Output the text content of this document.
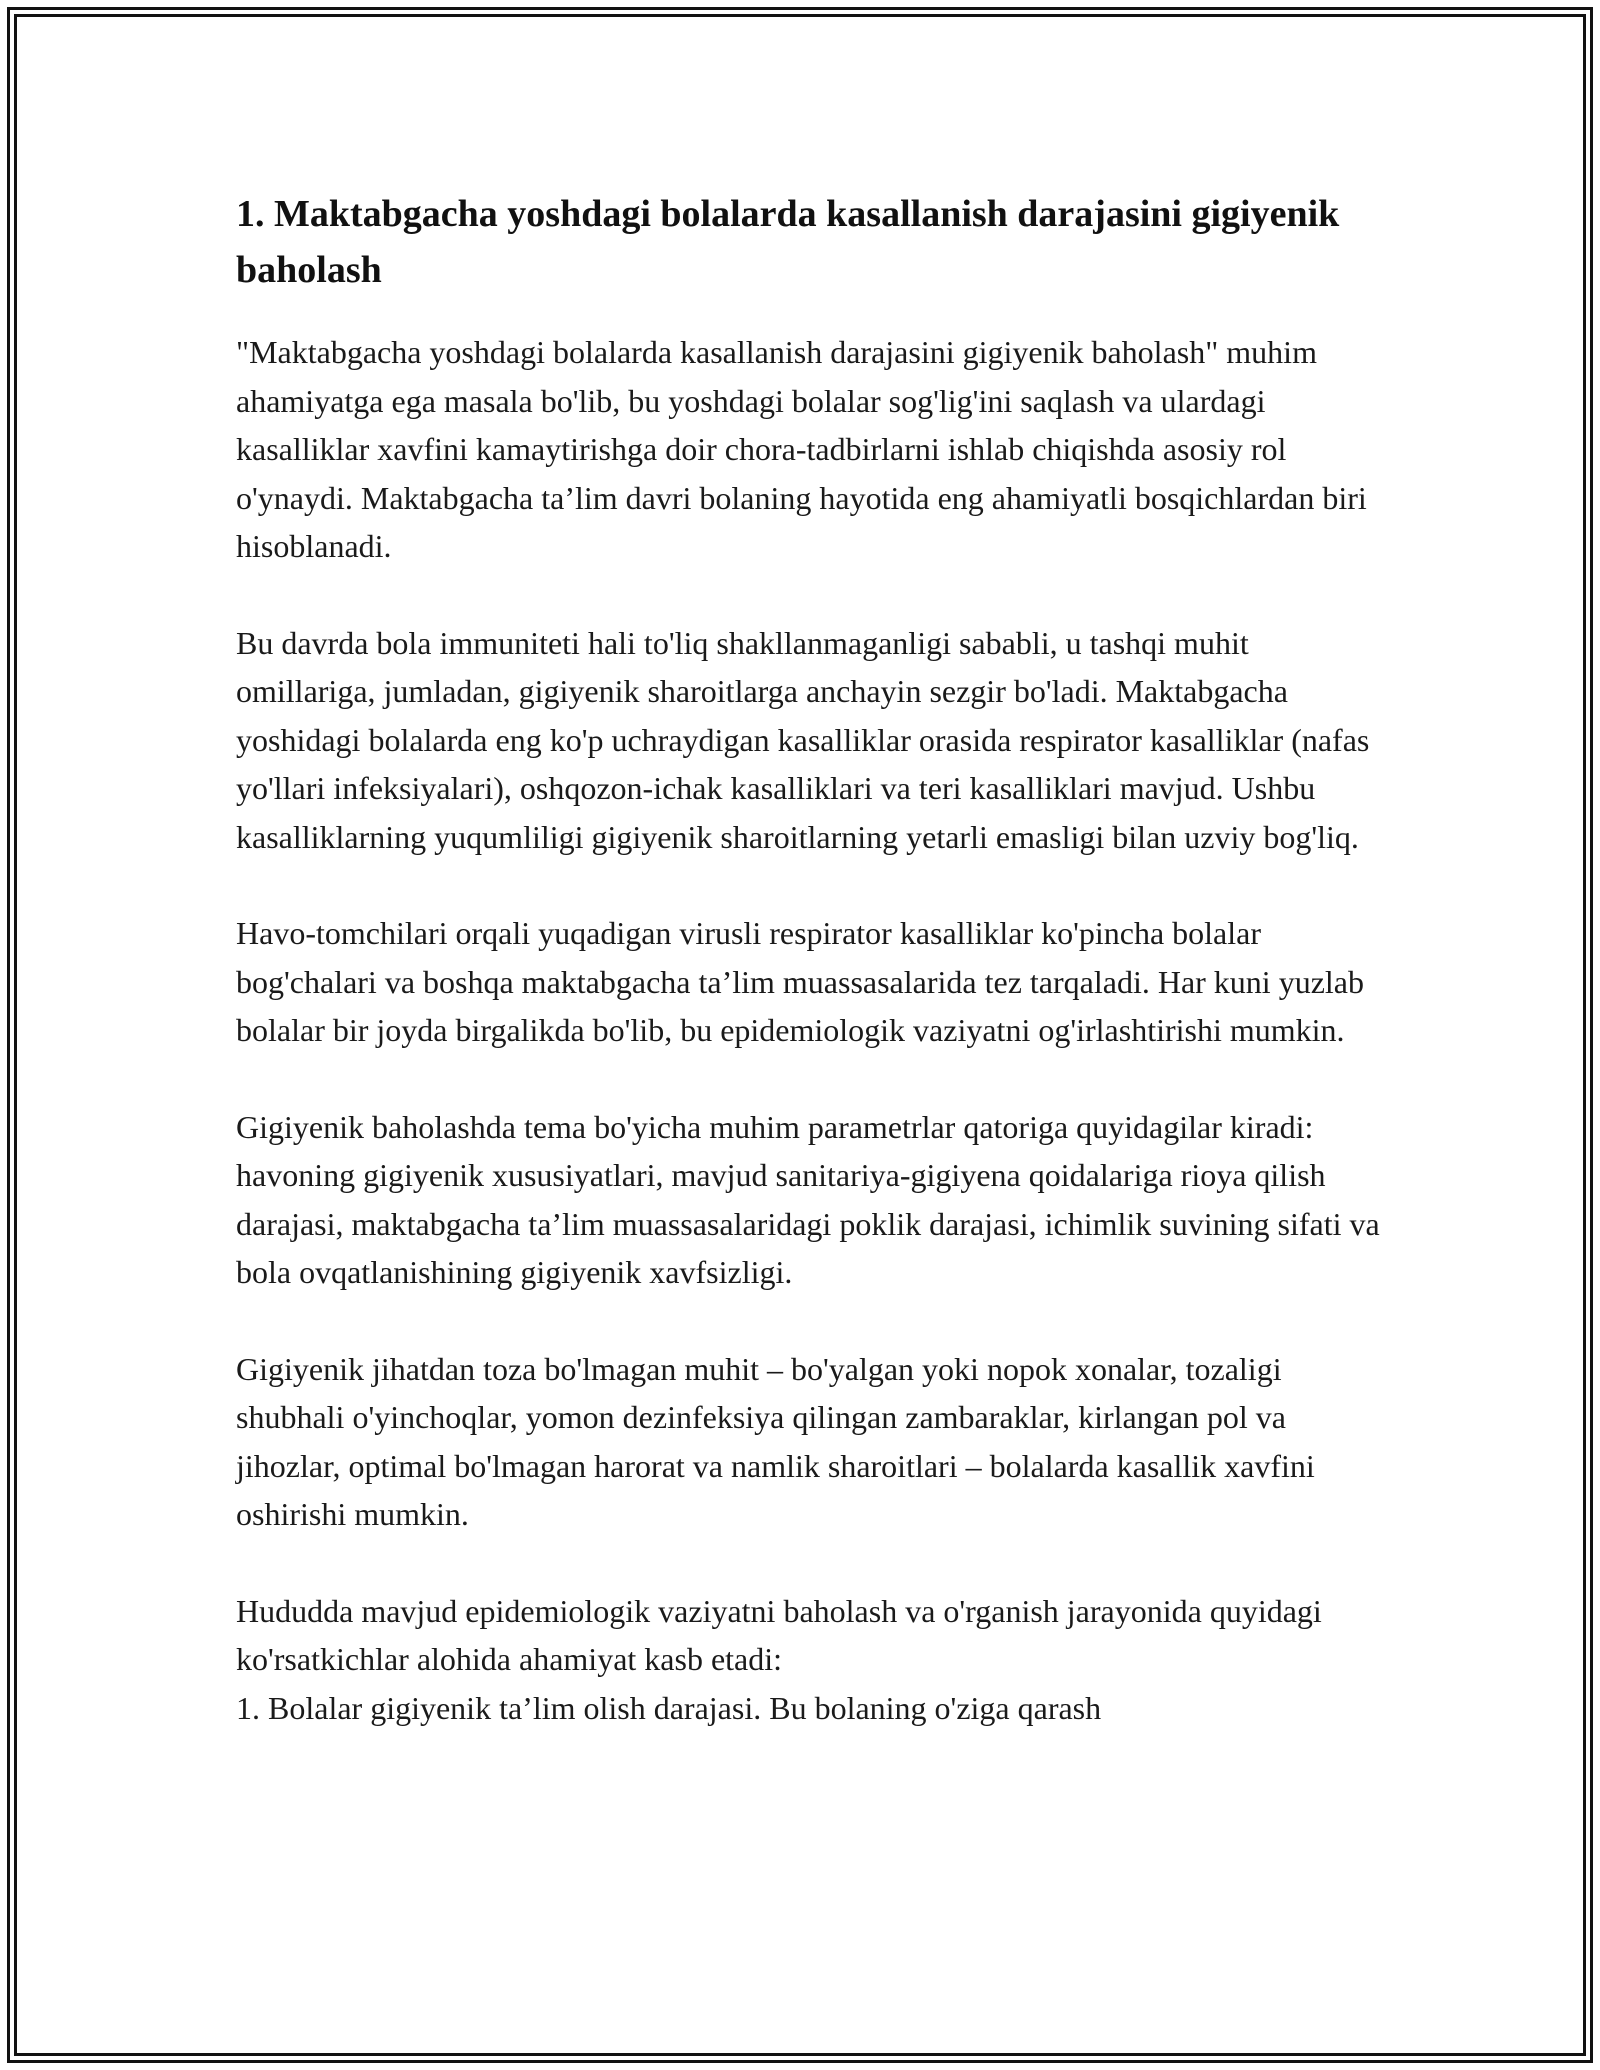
1. Maktabgacha yoshdagi bolalarda kasallanish darajasini gigiyenik baholash

"Maktabgacha yoshdagi bolalarda kasallanish darajasini gigiyenik baholash" muhim ahamiyatga ega masala bo'lib, bu yoshdagi bolalar sog'lig'ini saqlash va ulardagi kasalliklar xavfini kamaytirishga doir chora-tadbirlarni ishlab chiqishda asosiy rol o'ynaydi. Maktabgacha ta’lim davri bolaning hayotida eng ahamiyatli bosqichlardan biri hisoblanadi.

Bu davrda bola immuniteti hali to'liq shakllanmaganligi sababli, u tashqi muhit omillariga, jumladan, gigiyenik sharoitlarga anchayin sezgir bo'ladi. Maktabgacha yoshidagi bolalarda eng ko'p uchraydigan kasalliklar orasida respirator kasalliklar (nafas yo'llari infeksiyalari), oshqozon-ichak kasalliklari va teri kasalliklari mavjud. Ushbu kasalliklarning yuqumliligi gigiyenik sharoitlarning yetarli emasligi bilan uzviy bog'liq.

Havo-tomchilari orqali yuqadigan virusli respirator kasalliklar ko'pincha bolalar bog'chalari va boshqa maktabgacha ta’lim muassasalarida tez tarqaladi. Har kuni yuzlab bolalar bir joyda birgalikda bo'lib, bu epidemiologik vaziyatni og'irlashtirishi mumkin.

Gigiyenik baholashda tema bo'yicha muhim parametrlar qatoriga quyidagilar kiradi: havoning gigiyenik xususiyatlari, mavjud sanitariya-gigiyena qoidalariga rioya qilish darajasi, maktabgacha ta’lim muassasalaridagi poklik darajasi, ichimlik suvining sifati va bola ovqatlanishining gigiyenik xavfsizligi.

Gigiyenik jihatdan toza bo'lmagan muhit – bo'yalgan yoki nopok xonalar, tozaligi shubhali o'yinchoqlar, yomon dezinfeksiya qilingan zambaraklar, kirlangan pol va jihozlar, optimal bo'lmagan harorat va namlik sharoitlari – bolalarda kasallik xavfini oshirishi mumkin.

Hududda mavjud epidemiologik vaziyatni baholash va o'rganish jarayonida quyidagi ko'rsatkichlar alohida ahamiyat kasb etadi:

1. Bolalar gigiyenik ta’lim olish darajasi. Bu bolaning o'ziga qarash
